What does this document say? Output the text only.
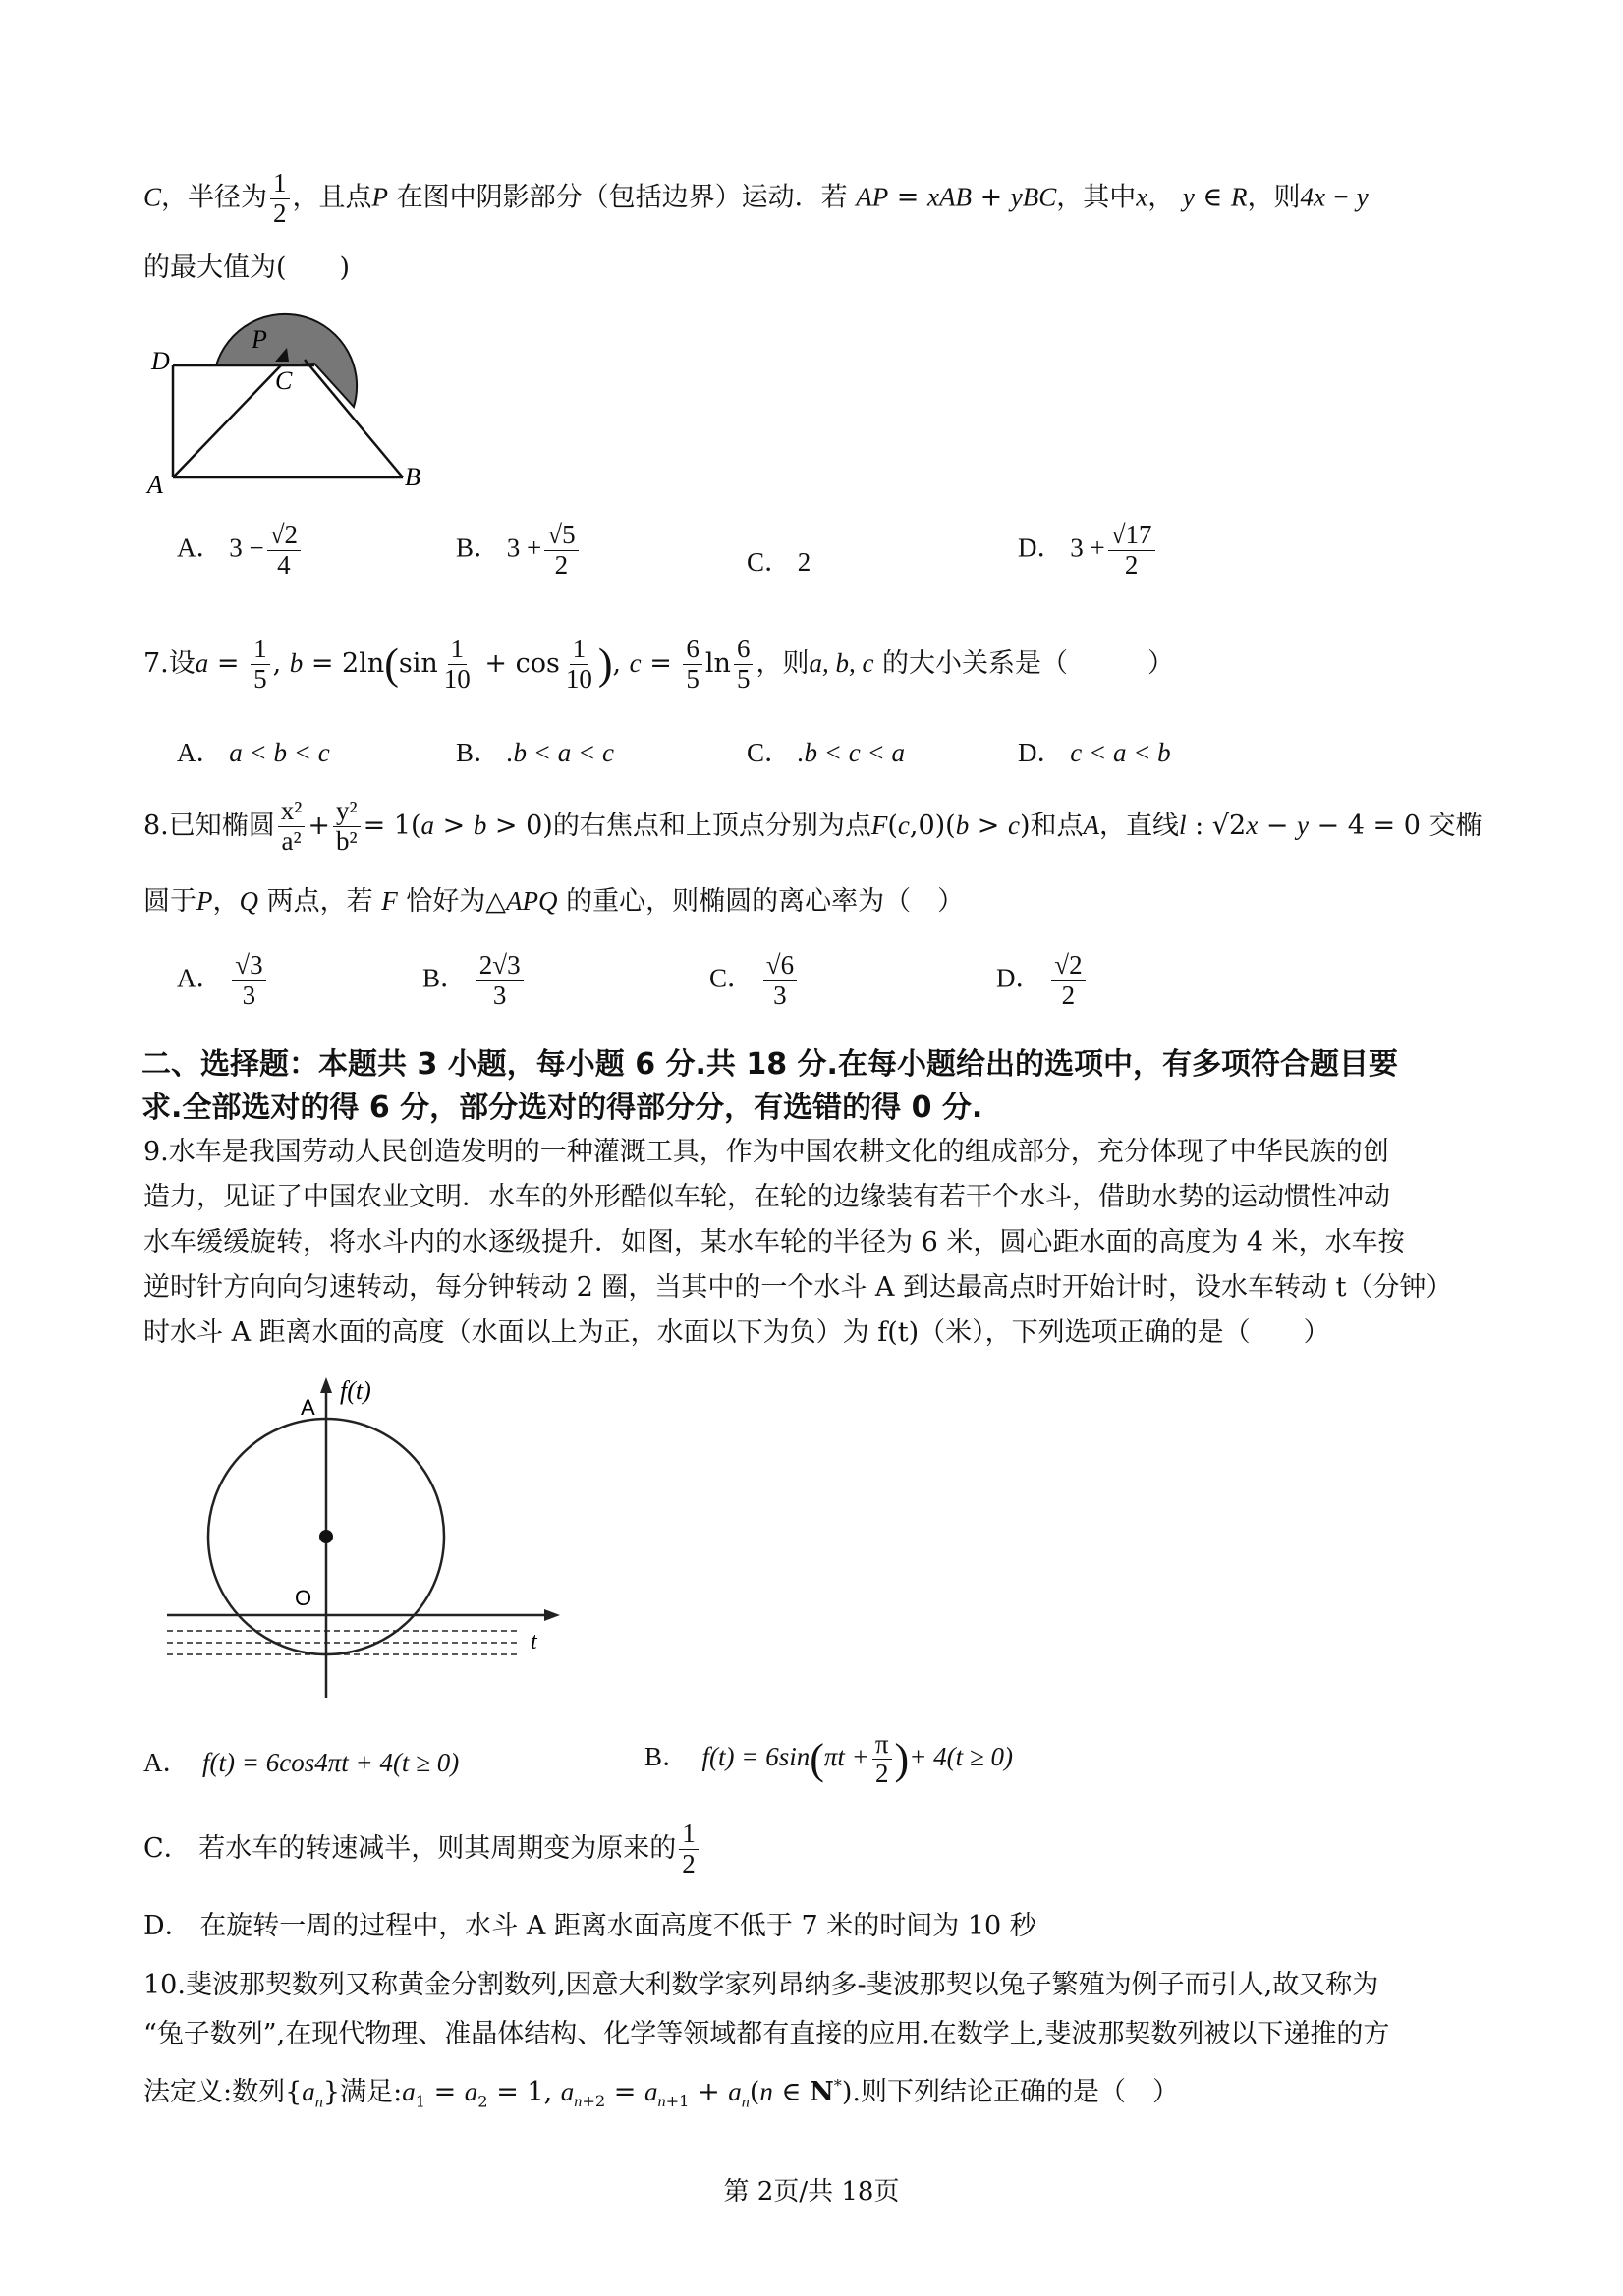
C，半径为 $\frac{1}{2}$ ，且点P 在图中阴影部分（包括边界）运动．若 AP = xAB + yBC，其中x， y ∈ R，则4x − y
的最大值为(　　)
D
P
C
A	B
A． $3 - \frac{√2}{4}$	B． $3 + \frac{√5}{2}$	C． 2	D． $3 + \frac{√17}{2}$
7.设$a = \frac{1}{5}$ , $b = 2\ln(\sin \frac{1}{10} + \cos \frac{1}{10}$ ), $c = \frac{6}{5}$ $\ln \frac{6}{5}$ ，则a, b, c 的大小关系是（　　　）
A． a < b < c	B． .b < a < c	C． .b < c < a	D． c < a < b
8.已知椭圆 $\frac{\text{x²}}{\text{a²}} + \frac{\text{y²}}{\text{b²}} = 1(a > b > 0)$的右焦点和上顶点分别为点F(c,0)(b > c)和点A，直线l : √2x − y − 4 = 0 交椭
圆于P，Q 两点，若 F 恰好为△APQ 的重心，则椭圆的离心率为（　）
A． $\frac{√3}{3}$	B． $\frac{2√3}{3}$	C． $\frac{√6}{3}$	D． $\frac{√2}{2}$
二、选择题：本题共 3 小题，每小题 6 分.共 18 分.在每小题给出的选项中，有多项符合题目要
求.全部选对的得 6 分，部分选对的得部分分，有选错的得 0 分.
9.水车是我国劳动人民创造发明的一种灌溉工具，作为中国农耕文化的组成部分，充分体现了中华民族的创
造力，见证了中国农业文明．水车的外形酷似车轮，在轮的边缘装有若干个水斗，借助水势的运动惯性冲动
水车缓缓旋转，将水斗内的水逐级提升．如图，某水车轮的半径为 6 米，圆心距水面的高度为 4 米，水车按
逆时针方向向匀速转动，每分钟转动 2 圈，当其中的一个水斗 A 到达最高点时开始计时，设水车转动 t（分钟）
时水斗 A 距离水面的高度（水面以上为正，水面以下为负）为 f(t)（米），下列选项正确的是（　　）
A
O
t
f(t)
A． f(t) = 6cos4πt + 4(t ≥ 0)	B． $f(t) = 6\sin(\pi t + \frac{\pi}{2}$ )+ 4(t ≥ 0)
C． 若水车的转速减半，则其周期变为原来的 $\frac{1}{2}$
D． 在旋转一周的过程中，水斗 A 距离水面高度不低于 7 米的时间为 10 秒
10.斐波那契数列又称黄金分割数列,因意大利数学家列昂纳多-斐波那契以兔子繁殖为例子而引人,故又称为
“兔子数列”,在现代物理、准晶体结构、化学等领域都有直接的应用.在数学上,斐波那契数列被以下递推的方
法定义:数列$\{a_n\}$满足$:a_1 = a_2 = 1$, $a_{n+2} = a_{n+1} + a_n(n$ ∈ N*).则下列结论正确的是（　）
第 2页/共 18页
